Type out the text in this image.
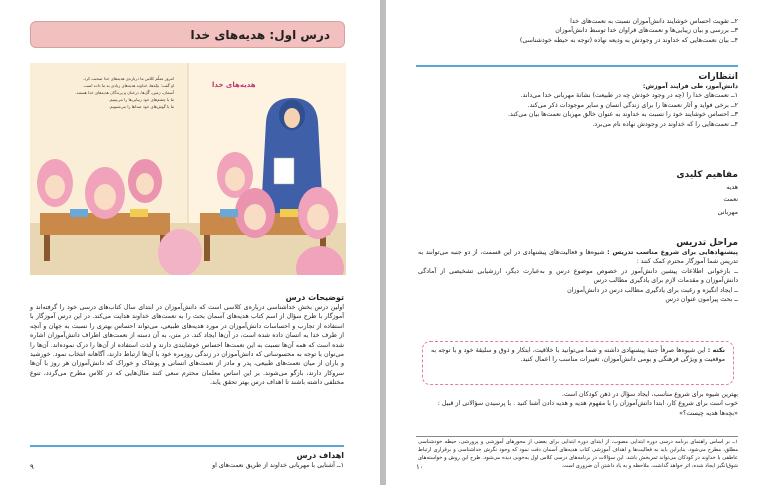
درس اول: هدیه‌های خدا
هدیه‌های خدا
امروز معلّم کلاس ما درباره‌ی هدیه‌های خدا صحبت کرد.
او گفت: بچّه‌ها، خداوند هدیه‌های زیادی به ما داده است.
آسمان، زمین، گُل‌ها، درختان و پرندگان هدیه‌های خدا هستند.
ما با چشم‌های خود زیبایی‌ها را می‌بینیم.
ما با گوش‌های خود صداها را می‌شنویم.
توضیحات درس
اولین درس بخش خداشناسی درباره‌ی کلاسی است که دانش‌آموزان در ابتدای سال کتاب‌های درسی خود را گرفته‌اند و آموزگار با طرح سؤال از اسم کتاب هدیه‌های آسمان بحث را به نعمت‌های خداوند هدایت می‌کند. در این درس آموزگار با استفاده از تجارب و احساسات دانش‌آموزان در مورد هدیه‌های طبیعی، می‌تواند احساس بهتری را نسبت به جهان و آنچه از طرف خدا به انسان داده شده است، در آن‌ها ایجاد کند. در متن، به آن دسته از نعمت‌های اطراف دانش‌آموزان اشاره شده است که همه آن‌ها نسبت به این نعمت‌ها احساس خوشایندی دارند و لذت استفاده از آن‌ها را درک نموده‌اند. آن‌ها را می‌توان با توجه به محسوساتی که دانش‌آموزان در زندگی روزمره خود با آن‌ها ارتباط دارند، آگاهانه انتخاب نمود. خورشید و باران از میان نعمت‌های طبیعی، پدر و مادر از نعمت‌های انسانی و پوشاک و خوراک که دانش‌آموزان هر روز با آن‌ها سروکار دارند، بازگو می‌شوند. بر این اساس معلمان محترم سعی کنند مثال‌هایی که در کلاس مطرح می‌گردد، تنوع مختلفی داشته باشند تا اهداف درس بهتر تحقق یابد.
اهداف درس
۱ــ آشنایی با مهربانی خداوند از طریق نعمت‌های او
۹
۲ــ تقویت احساس خوشایند دانش‌آموزان نسبت به نعمت‌های خدا
۳ــ بررسی و بیان زیبایی‌ها و نعمت‌های فراوان خدا توسط دانش‌آموزان
۴ــ بیان نعمت‌هایی که خداوند در وجودش به ودیعه نهاده (توجه به حیطه خودشناسی)
انتظارات
دانش‌آموز، طی فرایند آموزش:
۱ــ نعمت‌های خدا را (چه در وجود خودش چه در طبیعت) نشانهٔ مهربانی خدا می‌داند.
۲ــ برخی فواید و آثار نعمت‌ها را برای زندگی انسان و سایر موجودات ذکر می‌کند.
۳ــ احساس خوشایند خود را نسبت به خداوند به عنوان خالق مهربان نعمت‌ها بیان می‌کند.
۴ــ نعمت‌هایی را که خداوند در وجودش نهاده نام می‌برد.
مفاهیم کلیدی
هدیه
نعمت
مهربانی
مراحل تدریس
پیشنهادهایی برای شروع مناسب تدریس : شیوه‌ها و فعالیت‌های پیشنهادی در این قسمت، از دو جنبه می‌توانند به تدریس شما آموزگار محترم کمک کنند :
ــ بازخوانی اطلاعات پیشین دانش‌آموز در خصوص موضوع درس و به‌عبارت دیگر، ارزشیابی تشخیصی از آمادگی دانش‌آموزان و مقدمات لازم برای یادگیری مطالب درس
ــ ایجاد انگیزه و رغبت برای یادگیری مطالب درس در دانش‌آموزان
ــ بحث پیرامون عنوان درس
نکته : این شیوه‌ها صرفاً جنبهٔ پیشنهادی داشته و شما می‌توانید با خلاقیت، ابتکار و ذوق و سلیقهٔ خود و با توجه به موقعیت و ویژگی فرهنگی و بومی دانش‌آموزان، تغییرات مناسب را اعمال کنید.
بهترین شیوه برای شروع مناسب، ایجاد سؤال در ذهن کودکان است.
خوب است برای شروع کار، ابتدا دانش‌آموزان را با مفهوم هدیه و هدیه دادن آشنا کنید . با پرسیدن سؤالاتی از قبیل :
«بچه‌ها هدیه چیست؟»
۱ــ بر اساس راهنمای برنامه درسی دوره ابتدایی مصوب، از ابتدای دوره ابتدایی برای بعضی از محورهای آموزشی و پرورشی، حیطه خودشناسی مطلق، مطرح می‌شود. بنابراین باید به فعالیت‌ها و اهداف آموزشی کتاب هدیه‌های آسمان دقت نمود که وجود نگرش خداشناسی و برقراری ارتباط عاطفی با خداوند در کودکان می‌تواند ثمربخش باشد. این سؤالات در برنامه‌های درسی کلاس اول به‌خوبی دیده می‌شود. طرح این روش و خواسته‌های شوق‌انگیز ایجاد شده، اثر خواهد گذاشت. ملاحظه و به یاد داشتن آن ضروری است.
۱۰
